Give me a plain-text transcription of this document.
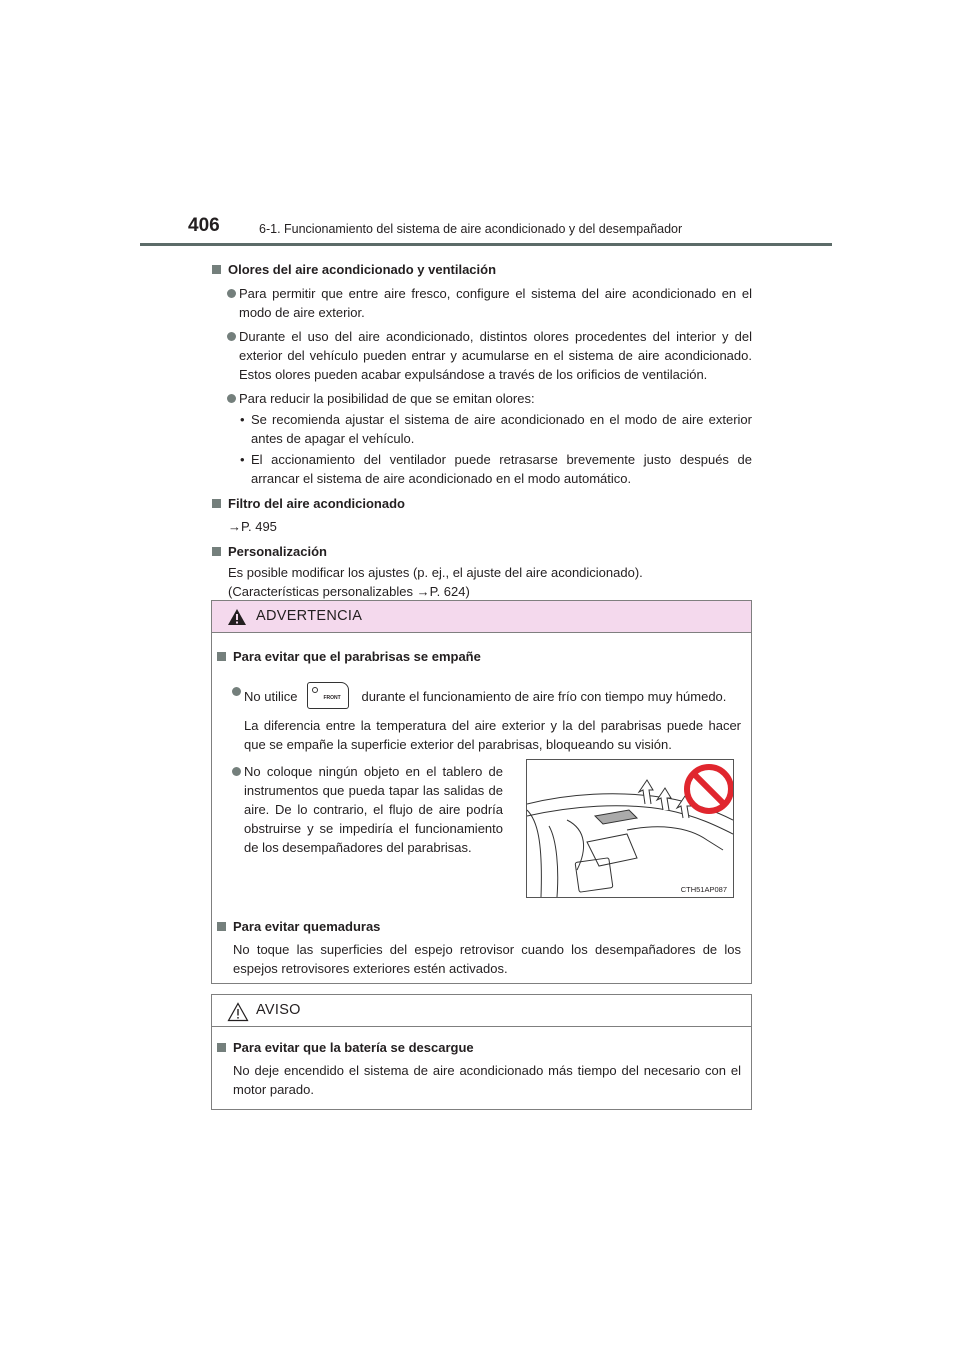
406	6-1. Funcionamiento del sistema de aire acondicionado y del desempañador
Olores del aire acondicionado y ventilación
Para permitir que entre aire fresco, configure el sistema del aire acondicionado en el modo de aire exterior.
Durante el uso del aire acondicionado, distintos olores procedentes del interior y del exterior del vehículo pueden entrar y acumularse en el sistema de aire acondicionado. Estos olores pueden acabar expulsándose a través de los orificios de ventilación.
Para reducir la posibilidad de que se emitan olores:
• Se recomienda ajustar el sistema de aire acondicionado en el modo de aire exterior antes de apagar el vehículo.
• El accionamiento del ventilador puede retrasarse brevemente justo después de arrancar el sistema de aire acondicionado en el modo automático.
Filtro del aire acondicionado
→P. 495
Personalización
Es posible modificar los ajustes (p. ej., el ajuste del aire acondicionado).
(Características personalizables →P. 624)
ADVERTENCIA
Para evitar que el parabrisas se empañe
No utilice	FRONT durante el funcionamiento de aire frío con tiempo muy húmedo.
La diferencia entre la temperatura del aire exterior y la del parabrisas puede hacer que se empañe la superficie exterior del parabrisas, bloqueando su visión.
No coloque ningún objeto en el tablero de instrumentos que pueda tapar las salidas de aire. De lo contrario, el flujo de aire podría obstruirse y se impediría el funcionamiento de los desempañadores del parabrisas.
Para evitar quemaduras
No toque las superficies del espejo retrovisor cuando los desempañadores de los espejos retrovisores exteriores estén activados.
CTH51AP087
AVISO
Para evitar que la batería se descargue
No deje encendido el sistema de aire acondicionado más tiempo del necesario con el motor parado.
